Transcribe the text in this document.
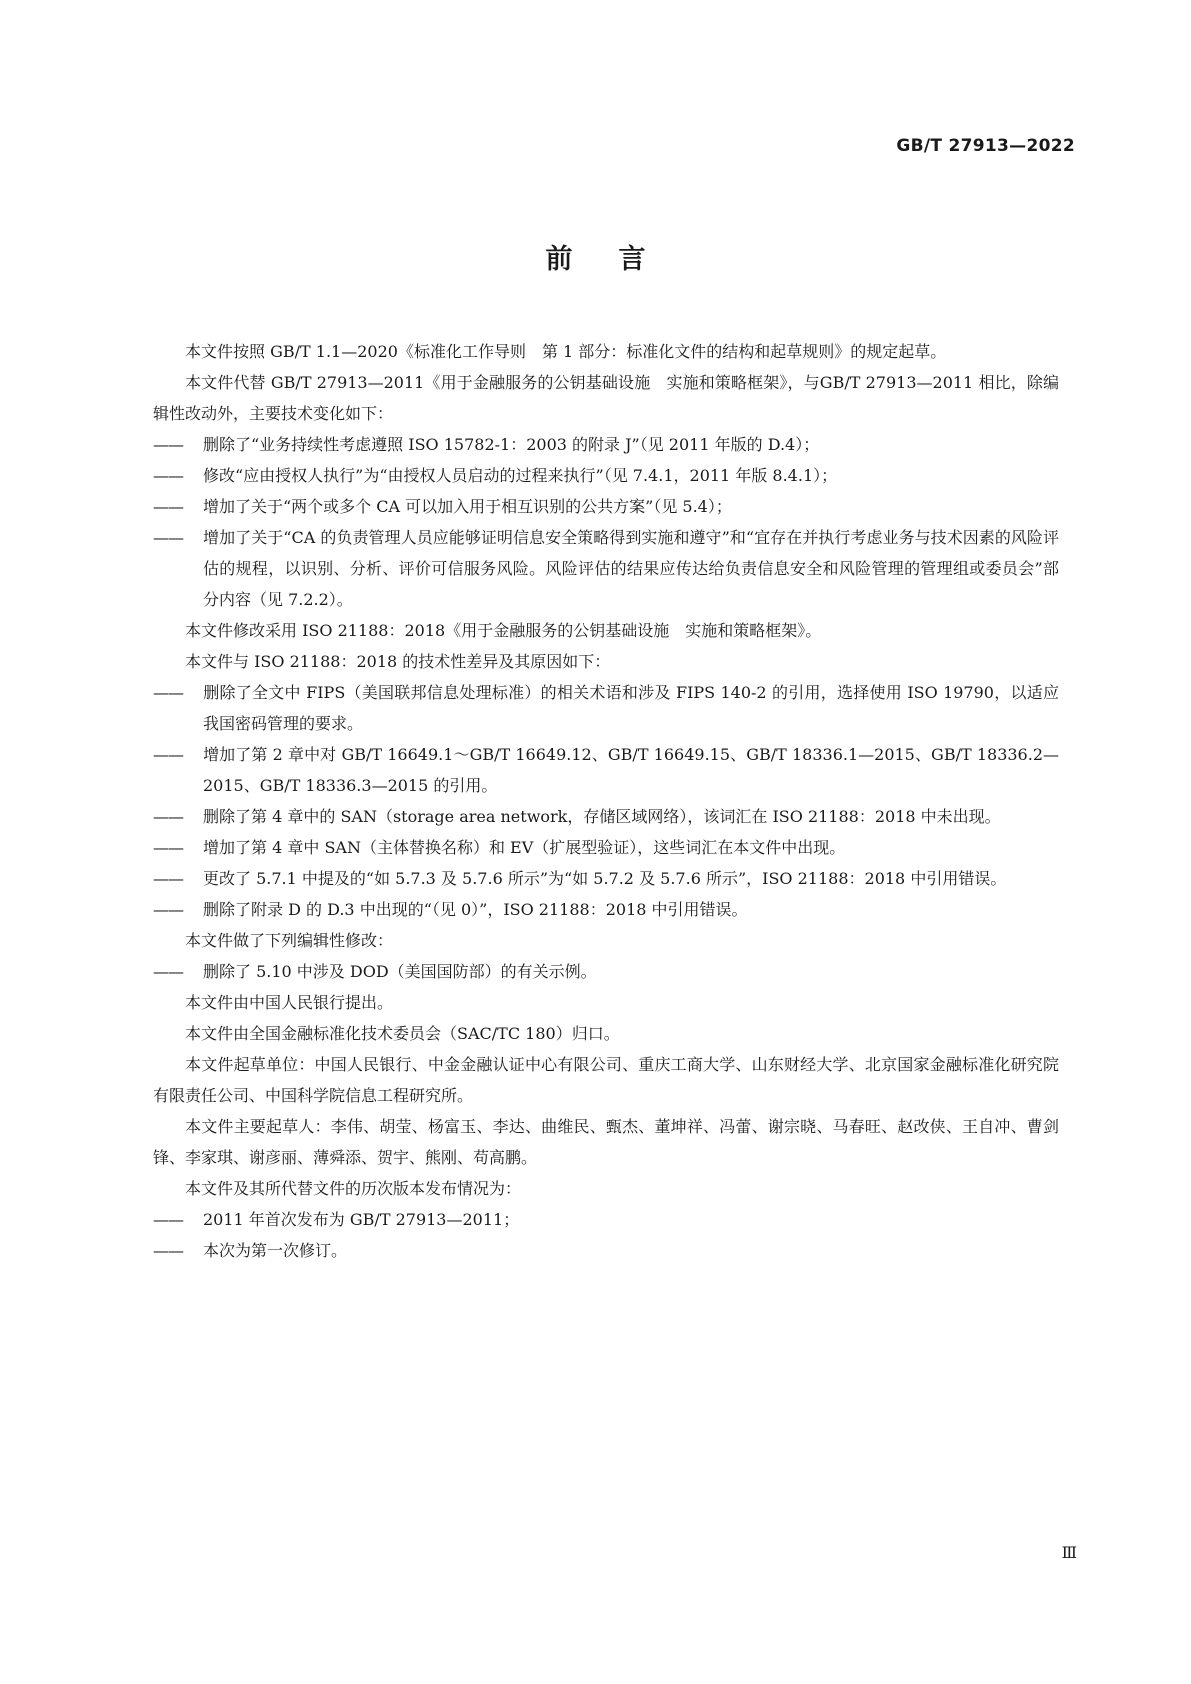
GB/T 27913—2022
前言

本文件按照 GB/T 1.1—2020《标准化工作导则　第 1 部分：标准化文件的结构和起草规则》的规定起草。

本文件代替 GB/T 27913—2011《用于金融服务的公钥基础设施　实施和策略框架》，与GB/T 27913—2011 相比，除编辑性改动外，主要技术变化如下：

—— 删除了“业务持续性考虑遵照 ISO 15782-1：2003 的附录 J”（见 2011 年版的 D.4）；

—— 修改“应由授权人执行”为“由授权人员启动的过程来执行”（见 7.4.1，2011 年版 8.4.1）；

—— 增加了关于“两个或多个 CA 可以加入用于相互识别的公共方案”（见 5.4）；

—— 增加了关于“CA 的负责管理人员应能够证明信息安全策略得到实施和遵守”和“宜存在并执行考虑业务与技术因素的风险评估的规程，以识别、分析、评价可信服务风险。风险评估的结果应传达给负责信息安全和风险管理的管理组或委员会”部分内容（见 7.2.2）。

本文件修改采用 ISO 21188：2018《用于金融服务的公钥基础设施　实施和策略框架》。

本文件与 ISO 21188：2018 的技术性差异及其原因如下：

—— 删除了全文中 FIPS（美国联邦信息处理标准）的相关术语和涉及 FIPS 140-2 的引用，选择使用 ISO 19790，以适应我国密码管理的要求。

—— 增加了第 2 章中对 GB/T 16649.1～GB/T 16649.12、GB/T 16649.15、GB/T 18336.1—2015、GB/T 18336.2—2015、GB/T 18336.3—2015 的引用。

—— 删除了第 4 章中的 SAN（storage area network，存储区域网络），该词汇在 ISO 21188：2018 中未出现。

—— 增加了第 4 章中 SAN（主体替换名称）和 EV（扩展型验证），这些词汇在本文件中出现。

—— 更改了 5.7.1 中提及的“如 5.7.3 及 5.7.6 所示”为“如 5.7.2 及 5.7.6 所示”，ISO 21188：2018 中引用错误。

—— 删除了附录 D 的 D.3 中出现的“（见 0）”，ISO 21188：2018 中引用错误。

本文件做了下列编辑性修改：

—— 删除了 5.10 中涉及 DOD（美国国防部）的有关示例。

本文件由中国人民银行提出。

本文件由全国金融标准化技术委员会（SAC/TC 180）归口。

本文件起草单位：中国人民银行、中金金融认证中心有限公司、重庆工商大学、山东财经大学、北京国家金融标准化研究院有限责任公司、中国科学院信息工程研究所。

本文件主要起草人：李伟、胡莹、杨富玉、李达、曲维民、甄杰、董坤祥、冯蕾、谢宗晓、马春旺、赵改侠、王自冲、曹剑锋、李家琪、谢彦丽、薄舜添、贺宇、熊刚、苟高鹏。

本文件及其所代替文件的历次版本发布情况为：

—— 2011 年首次发布为 GB/T 27913—2011；

—— 本次为第一次修订。

Ⅲ
